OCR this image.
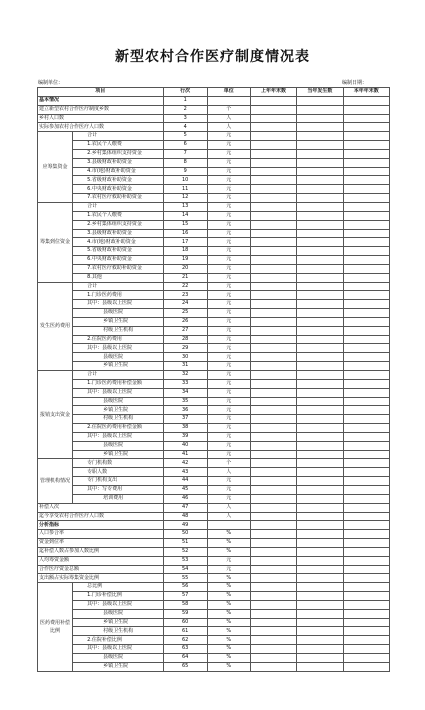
新型农村合作医疗制度情况表
编制单位：	编制日期：
项目		行次	单位	上年年末数	当年发生数	本年年末数
基本情况		1				
建立新型农村合作医疗制度乡数		2	个			
乡村人口数		3	人			
实际参加农村合作医疗人口数		4	人			
应筹集资金	合计	5	元			
	1.农民个人缴费	6	元			
	2.乡村集体组织支持资金	7	元			
	3.县级财政补助资金	8	元			
	4.市(地)财政补助资金	9	元			
	5.省级财政补助资金	10	元			
	6.中央财政补助资金	11	元			
	7.农村医疗救助补助资金	12	元			
筹集到位资金	合计	13	元			
	1.农民个人缴费	14	元			
	2.乡村集体组织支持资金	15	元			
	3.县级财政补助资金	16	元			
	4.市(地)财政补助资金	17	元			
	5.省级财政补助资金	18	元			
	6.中央财政补助资金	19	元			
	7.农村医疗救助补助资金	20	元			
	8.其他	21	元			
发生医药费用	合计	22	元			
	1.门诊医药费用	23	元			
	其中：县级以上医院	24	元			
	县级医院	25	元			
	乡镇卫生院	26	元			
	村级卫生机构	27	元			
	2.住院医药费用	28	元			
	其中：县级以上医院	29	元			
	县级医院	30	元			
	乡镇卫生院	31	元			
报销支出资金	合计	32	元			
	1.门诊医药费用补偿金额	33	元			
	其中：县级以上医院	34	元			
	县级医院	35	元			
	乡镇卫生院	36	元			
	村级卫生机构	37	元			
	2.住院医药费用补偿金额	38	元			
	其中：县级以上医院	39	元			
	县级医院	40	元			
	乡镇卫生院	41	元			
管理机构情况	专门机构数	42	个			
	专职人数	43	人			
	专门机构支出	44	元			
	其中：写专费用	45	元			
	培训费用	46	元			
补偿人次		47	人			
迄今享受农村合作医疗人口数		48	人			
分析指标		49				
人口参合率		50	%			
资金到位率		51	%			
迄补偿人数占参加人数比例		52	%			
人均筹资金额		53	元			
合作医疗资金总额		54	元			
支出额占实际筹集资金比例		55	%			
医药费用补偿比例	总比例	56	%			
	1.门诊补偿比例	57	%			
	其中：县级以上医院	58	%			
	县级医院	59	%			
	乡镇卫生院	60	%			
	村级卫生机构	61	%			
	2.住院补偿比例	62	%			
	其中：县级以上医院	63	%			
	县级医院	64	%			
	乡镇卫生院	65	%			
